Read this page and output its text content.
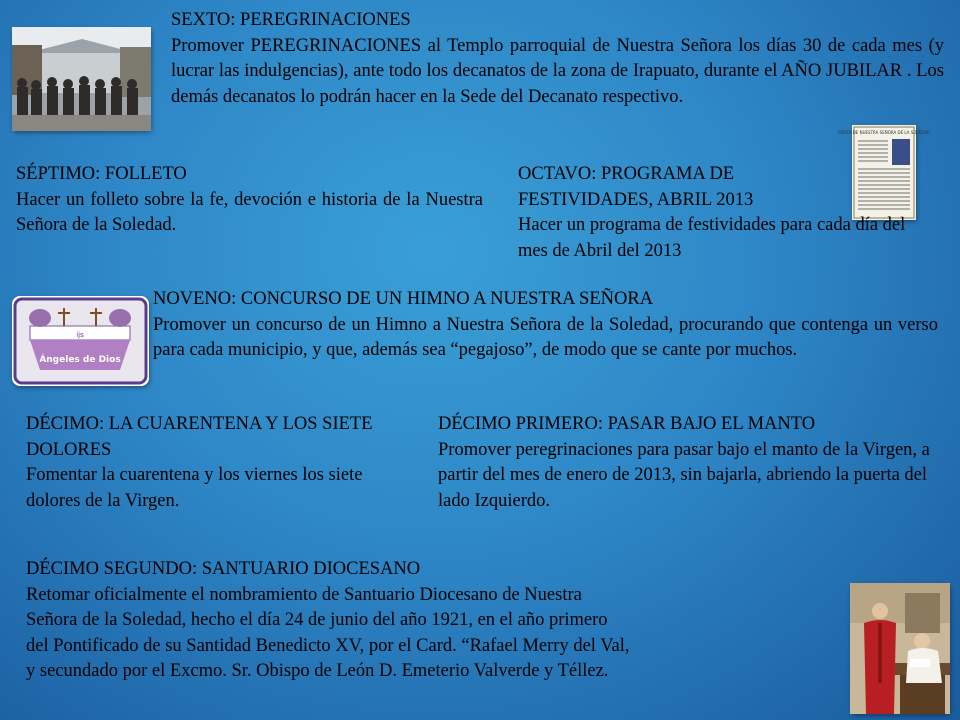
SEXTO: PEREGRINACIONES
Promover PEREGRINACIONES al Templo parroquial de Nuestra Señora los días 30 de cada mes (y lucrar las indulgencias), ante todo los decanatos de la zona de Irapuato, durante el AÑO JUBILAR . Los demás decanatos lo podrán hacer en la Sede del Decanato respectivo.
FIESTA DE NUESTRA SEÑORA DE LA SOLEDAD
SÉPTIMO: FOLLETO
Hacer un folleto sobre la fe, devoción e historia de la Nuestra Señora de la Soledad.
OCTAVO: PROGRAMA DE
FESTIVIDADES, ABRIL 2013
Hacer un programa de festividades para cada día del mes de Abril del 2013
ijs
Ángeles de Dios
NOVENO: CONCURSO DE UN HIMNO A NUESTRA SEÑORA
Promover un concurso de un Himno a Nuestra Señora de la Soledad, procurando que contenga un verso para cada municipio, y que, además sea “pegajoso”, de modo que se cante por muchos.
DÉCIMO: LA CUARENTENA Y LOS SIETE DOLORES
Fomentar la cuarentena y los viernes los siete dolores de la Virgen.
DÉCIMO PRIMERO: PASAR BAJO EL MANTO
Promover peregrinaciones para pasar bajo el manto de la Virgen, a partir del mes de enero de 2013, sin bajarla, abriendo la puerta del lado Izquierdo.
DÉCIMO SEGUNDO: SANTUARIO DIOCESANO
Retomar oficialmente el nombramiento de Santuario Diocesano de Nuestra
Señora de la Soledad, hecho el día 24 de junio del año 1921, en el año primero
del Pontificado de su Santidad Benedicto XV, por el Card. “Rafael Merry del Val,
y secundado por el Excmo. Sr. Obispo de León D. Emeterio Valverde y Téllez.
